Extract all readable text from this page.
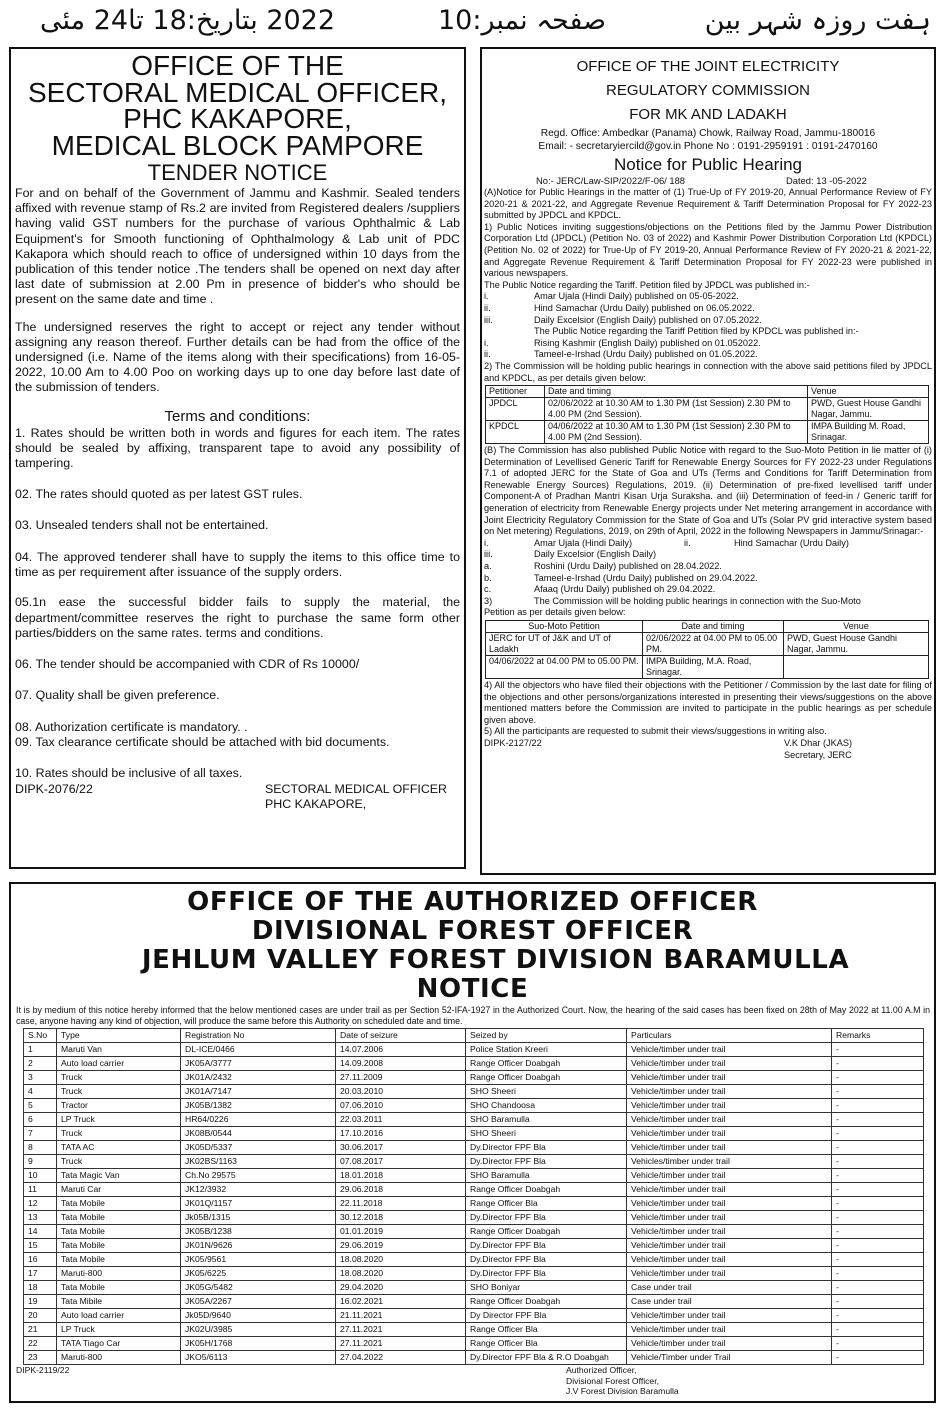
2022 بتاریخ:18 تا24 مئی	صفحہ نمبر:10	ہفت روزہ شہر بین
OFFICE OF THE
SECTORAL MEDICAL OFFICER,
PHC KAKAPORE,
MEDICAL BLOCK PAMPORE
TENDER NOTICE
For and on behalf of the Government of Jammu and Kashmir. Sealed tenders affixed with revenue stamp of Rs.2 are invited from Registered dealers /suppliers having valid GST numbers for the purchase of various Ophthalmic & Lab Equipment's for Smooth functioning of Ophthalmology & Lab unit of PDC Kakapora which should reach to office of undersigned within 10 days from the publication of this tender notice .The tenders shall be opened on next day after last date of submission at 2.00 Pm in presence of bidder's who should be present on the same date and time .
The undersigned reserves the right to accept or reject any tender without assigning any reason thereof. Further details can be had from the office of the undersigned (i.e. Name of the items along with their specifications) from 16-05-2022, 10.00 Am to 4.00 Poo on working days up to one day before last date of the submission of tenders.
Terms and conditions:
1. Rates should be written both in words and figures for each item. The rates should be sealed by affixing, transparent tape to avoid any possibility of tampering.
02. The rates should quoted as per latest GST rules.
03. Unsealed tenders shall not be entertained.
04. The approved tenderer shall have to supply the items to this office time to time as per requirement after issuance of the supply orders.
05.1n ease the successful bidder fails to supply the material, the department/committee reserves the right to purchase the same form other parties/bidders on the same rates. terms and conditions.
06. The tender should be accompanied with CDR of Rs 10000/
07. Quality shall be given preference.
08. Authorization certificate is mandatory. .
09. Tax clearance certificate should be attached with bid documents.
10. Rates should be inclusive of all taxes.
DIPK-2076/22	SECTORAL MEDICAL OFFICER
PHC KAKAPORE,
OFFICE OF THE JOINT ELECTRICITY
REGULATORY COMMISSION
FOR MK AND LADAKH
Regd. Office: Ambedkar (Panama) Chowk, Railway Road, Jammu-180016
Email: - secretaryiercild@gov.in Phone No : 0191-2959191 : 0191-2470160
Notice for Public Hearing
No:- JERC/Law-SIP/2022/F-06/ 188	Dated: 13 -05-2022
(A)Notice for Public Hearings in the matter of (1) True-Up of FY 2019-20, Annual Performance Review of FY 2020-21 & 2021-22, and Aggregate Revenue Requirement & Tariff Determination Proposal for FY 2022-23 submitted by JPDCL and KPDCL.
1) Public Notices inviting suggestions/objections on the Petitions filed by the Jammu Power Distribution Corporation Ltd (JPDCL) (Petition No. 03 of 2022) and Kashmir Power Distribution Corporation Ltd (KPDCL) (Petition No. 02 of 2022) for True-Up of FY 2019-20, Annual Performance Review of FY 2020-21 & 2021-22, and Aggregate Revenue Requirement & Tariff Determination Proposal for FY 2022-23 were published in various newspapers.
The Public Notice regarding the Tariff. Petition filed by JPDCL was published in:-
i.	Amar Ujala (Hindi Daily) published on 05-05-2022.
ii.	Hind Samachar (Urdu Daily) published on 06.05.2022.
iii.	Daily Excelsior (English Daily) published on 07.05.2022.
The Public Notice regarding the Tariff Petition filed by KPDCL was published in:-
i.	Rising Kashmir (English Daily) published on 01.052022.
ii.	Tameel-e-Irshad (Urdu Daily) published on 01.05.2022.
2) The Commission will be holding public hearings in connection with the above said petitions filed by JPDCL and KPDCL, as per details given below:
Petitioner	Date and timing	Venue
JPDCL	02/06/2022 at 10.30 AM to 1.30 PM (1st Session) 2.30 PM to 4.00 PM (2nd Session).	PWD, Guest House Gandhi Nagar, Jammu.
KPDCL	04/06/2022 at 10.30 AM to 1.30 PM (1st Session) 2.30 PM to 4.00 PM (2nd Session).	IMPA Building M. Road, Srinagar.
(B) The Commission has also published Public Notice with regard to the Suo-Moto Petition in lie matter of (i) Determination of Levellised Generic Tariff for Renewable Energy Sources for FY 2022-23 under Regulations 7.1 of adopted JERC for the State of Goa and UTs (Terms and Conditions for Tariff Determination from Renewable Energy Sources) Regulations, 2019. (ii) Determination of pre-fixed levellised tariff under Component-A of Pradhan Mantri Kisan Urja Suraksha. and (iii) Determination of feed-in / Generic tariff for generation of electricity from Renewable Energy projects under Net metering arrangement in accordance with Joint Electricity Regulatory Commission for the State of Goa and UTs (Solar PV grid interactive system based on Net metering) Regulations, 2019, on 29th of April, 2022 in the following Newspapers in Jammu/Srinagar:-
i.	Amar Ujala (Hindi Daily)	ii.	Hind Samachar (Urdu Daily)
iii.	Daily Excelsior (English Daily)
a.	Roshini (Urdu Daily) published on 28.04.2022.
b.	Tameel-e-Irshad (Urdu Daily) published on 29.04.2022.
c.	Afaaq (Urdu Daily) published oh 29.04.2022.
3)	The Commission will be holding public hearings in connection with the Suo-Moto
Petition as per details given below:
Suo-Moto Petition	Date and timing	Venue
JERC for UT of J&K and UT of Ladakh	02/06/2022 at 04.00 PM to 05.00 PM.	PWD, Guest House Gandhi Nagar, Jammu.
04/06/2022 at 04.00 PM to 05.00 PM.	IMPA Building, M.A. Road, Srinagar.	
4) All the objectors who have filed their objections with the Petitioner / Commission by the last date for filing of the objections and other persons/organizations interested in presenting their views/suggestions on the above mentioned matters before the Commission are invited to participate in the public hearings as per schedule given above.
5) All the participants are requested to submit their views/suggestions in writing also.
DIPK-2127/22	V.K Dhar (JKAS)
Secretary, JERC
OFFICE OF THE AUTHORIZED OFFICER
DIVISIONAL FOREST OFFICER
JEHLUM VALLEY FOREST DIVISION BARAMULLA
NOTICE
It is by medium of this notice hereby informed that the below mentioned cases are under trail as per Section 52-IFA-1927 in the Authorized Court. Now, the hearing of the said cases has been fixed on 28th of May 2022 at 11.00 A.M in case, anyone having any kind of objection, will produce the same before this Authority on scheduled date and time.
S.No	Type	Registration No	Date of seizure	Seized by	Particulars	Remarks
1	Maruti Van	DL-ICE/0466	14.07.2006	Police Station Kreeri	Vehicle/timber under trail	-
2	Auto load carrier	JK05A/3777	14.09.2008	Range Officer Doabgah	Vehicle/timber under trail	-
3	Truck	JK01A/2432	27.11.2009	Range Officer Doabgah	Vehicle/timber under trail	-
4	Truck	JK01A/7147	20.03.2010	SHO Sheeri	Vehicle/timber under trail	-
5	Tractor	JK05B/1382	07.06.2010	SHO Chandoosa	Vehicle/timber under trail	-
6	LP Truck	HR64/0226	22.03.2011	SHO Baramulla	Vehicle/timber under trail	-
7	Truck	JK08B/0544	17.10.2016	SHO Sheeri	Vehicle/timber under trail	-
8	TATA AC	JK05D/5337	30.06.2017	Dy.Director FPF Bla	Vehicle/timber under trail	-
9	Truck	JK02BS/1163	07.08.2017	Dy.Director FPF Bla	Vehicles/timber under trail	-
10	Tata Magic Van	Ch.No 29575	18.01.2018	SHO Baramulla	Vehicle/timber under trail	-
11	Maruti Car	JK12/3932	29.06.2018	Range Officer Doabgah	Vehicle/timber under trail	-
12	Tata Mobile	JK01Q/1157	22.11.2018	Range Officer Bla	Vehicle/timber under trail	-
13	Tata Mobile	Jk05B/1315	30.12.2018	Dy.Director FPF Bla	Vehicle/timber under trail	-
14	Tata Mobile	JK05B/1238	01.01.2019	Range Officer Doabgah	Vehicle/timber under trail	-
15	Tata Mobile	JK01N/9626	29.06.2019	Dy.Director FPF Bla	Vehicle/timber under trail	-
16	Tata Mobile	JK05/9561	18.08.2020	Dy.Director FPF Bla	Vehicle/timber under trail	-
17	Maruti-800	JK05/6225	18.08.2020	Dy.Director FPF Bla	Vehicle/timber under trail	-
18	Tata Mobile	JK05G/5482	29.04.2020	SHO Boniyar	Case under trail	-
19	Tata Mibile	JK05A/2267	16.02.2021	Range Officer Doabgah	Case under trail	-
20	Auto load carrier	Jk05D/9640	21.11.2021	Dy Director FPF Bla	Vehicle/timber under trail	-
21	LP Truck	JK02U/3985	27.11.2021	Range Officer Bla	Vehicle/timber under trail	-
22	TATA Tiago Car	JK05H/1768	27.11.2021	Range Officer Bla	Vehicle/timber under trail	-
23	Maruti-800	JKO5/6113	27.04.2022	Dy.Director FPF Bla & R.O Doabgah	Vehicle/Timber under Trail	-
DIPK-2119/22	Authorized Officer,
Divisional Forest Officer,
J.V Forest Division Baramulla
